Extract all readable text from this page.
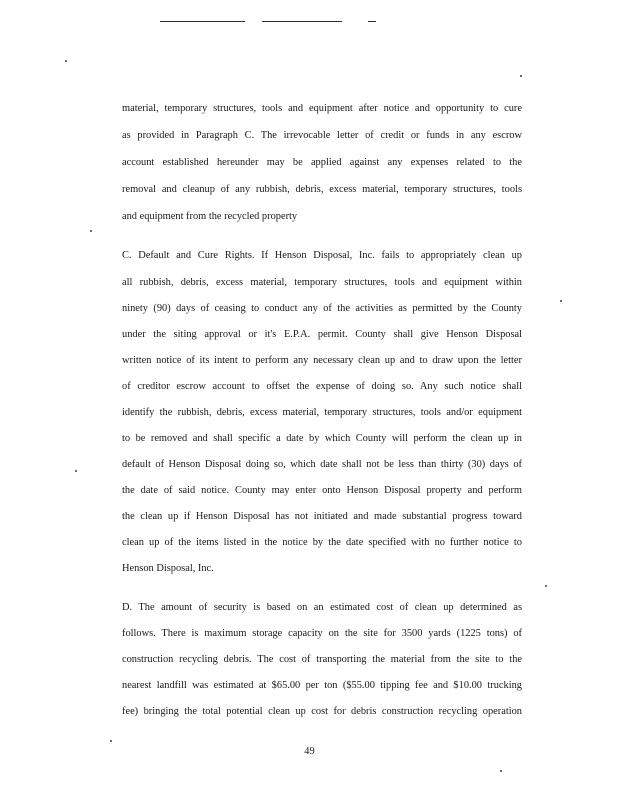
material, temporary structures, tools and equipment after notice and opportunity to cure
as provided in Paragraph C. The irrevocable letter of credit or funds in any escrow
account established hereunder may be applied against any expenses related to the
removal and cleanup of any rubbish, debris, excess material, temporary structures, tools
and equipment from the recycled property
C. Default and Cure Rights. If Henson Disposal, Inc. fails to appropriately clean up
all rubbish, debris, excess material, temporary structures, tools and equipment within
ninety (90) days of ceasing to conduct any of the activities as permitted by the County
under the siting approval or it's E.P.A. permit. County shall give Henson Disposal
written notice of its intent to perform any necessary clean up and to draw upon the letter
of creditor escrow account to offset the expense of doing so. Any such notice shall
identify the rubbish, debris, excess material, temporary structures, tools and/or equipment
to be removed and shall specific a date by which County will perform the clean up in
default of Henson Disposal doing so, which date shall not be less than thirty (30) days of
the date of said notice. County may enter onto Henson Disposal property and perform
the clean up if Henson Disposal has not initiated and made substantial progress toward
clean up of the items listed in the notice by the date specified with no further notice to
Henson Disposal, Inc.
D. The amount of security is based on an estimated cost of clean up determined as
follows. There is maximum storage capacity on the site for 3500 yards (1225 tons) of
construction recycling debris. The cost of transporting the material from the site to the
nearest landfill was estimated at $65.00 per ton ($55.00 tipping fee and $10.00 trucking
fee) bringing the total potential clean up cost for debris construction recycling operation
49
